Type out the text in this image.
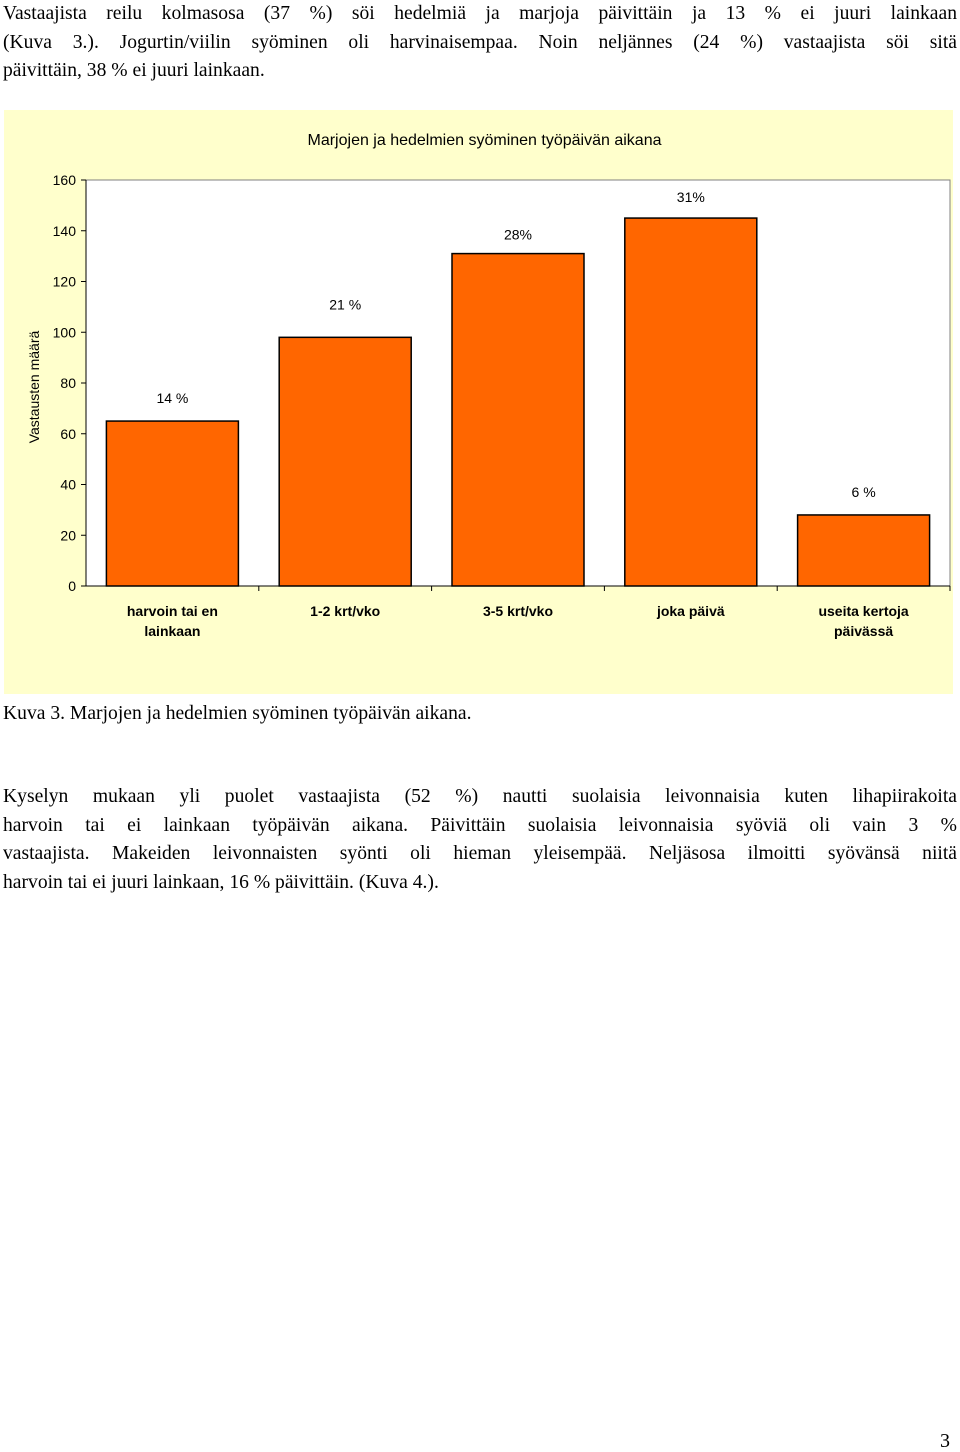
Vastaajista reilu kolmasosa (37 %) söi hedelmiä ja marjoja päivittäin ja 13 % ei juuri lainkaan
(Kuva 3.). Jogurtin/viilin syöminen oli harvinaisempaa. Noin neljännes (24 %) vastaajista söi sitä
päivittäin, 38 % ei juuri lainkaan.
Marjojen ja hedelmien syöminen työpäivän aikana
0
20
40
60
80
100
120
140
160
Vastausten määrä	14 %
harvoin tai en
lainkaan
21 %
1-2 krt/vko
28%
3-5 krt/vko
31%
joka päivä
6 %
useita kertoja
päivässä

Kuva 3. Marjojen ja hedelmien syöminen työpäivän aikana.

Kyselyn mukaan yli puolet vastaajista (52 %) nautti suolaisia leivonnaisia kuten lihapiirakoita
harvoin tai ei lainkaan työpäivän aikana. Päivittäin suolaisia leivonnaisia syöviä oli vain 3 %
vastaajista. Makeiden leivonnaisten syönti oli hieman yleisempää. Neljäsosa ilmoitti syövänsä niitä
harvoin tai ei juuri lainkaan, 16 % päivittäin. (Kuva 4.).

3
